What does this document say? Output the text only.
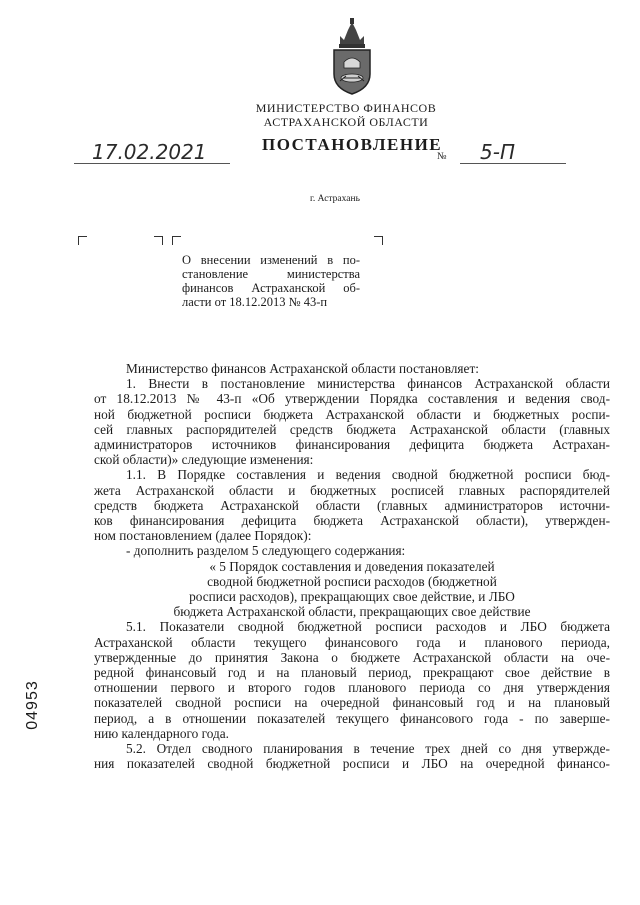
МИНИСТЕРСТВО ФИНАНСОВ
АСТРАХАНСКОЙ ОБЛАСТИ
ПОСТАНОВЛЕНИЕ
17.02.2021	№	5-П
г. Астрахань
О внесении изменений в по-
становление министерства
финансов Астраханской об-
ласти от 18.12.2013 № 43-п
Министерство финансов Астраханской области постановляет:
1. Внести в постановление министерства финансов Астраханской области
от 18.12.2013 № 43-п «Об утверждении Порядка составления и ведения свод-
ной бюджетной росписи бюджета Астраханской области и бюджетных роспи-
сей главных распорядителей средств бюджета Астраханской области (главных
администраторов источников финансирования дефицита бюджета Астрахан-
ской области)» следующие изменения:
1.1. В Порядке составления и ведения сводной бюджетной росписи бюд-
жета Астраханской области и бюджетных росписей главных распорядителей
средств бюджета Астраханской области (главных администраторов источни-
ков финансирования дефицита бюджета Астраханской области), утвержден-
ном постановлением (далее Порядок):
- дополнить разделом 5 следующего содержания:
« 5 Порядок составления и доведения показателей
сводной бюджетной росписи расходов (бюджетной
росписи расходов), прекращающих свое действие, и ЛБО
бюджета Астраханской области, прекращающих свое действие
5.1. Показатели сводной бюджетной росписи расходов и ЛБО бюджета
Астраханской области текущего финансового года и планового периода,
утвержденные до принятия Закона о бюджете Астраханской области на оче-
редной финансовый год и на плановый период, прекращают свое действие в
отношении первого и второго годов планового периода со дня утверждения
показателей сводной росписи на очередной финансовый год и на плановый
период, а в отношении показателей текущего финансового года - по заверше-
нию календарного года.
5.2. Отдел сводного планирования в течение трех дней со дня утвержде-
ния показателей сводной бюджетной росписи и ЛБО на очередной финансо-
04953
